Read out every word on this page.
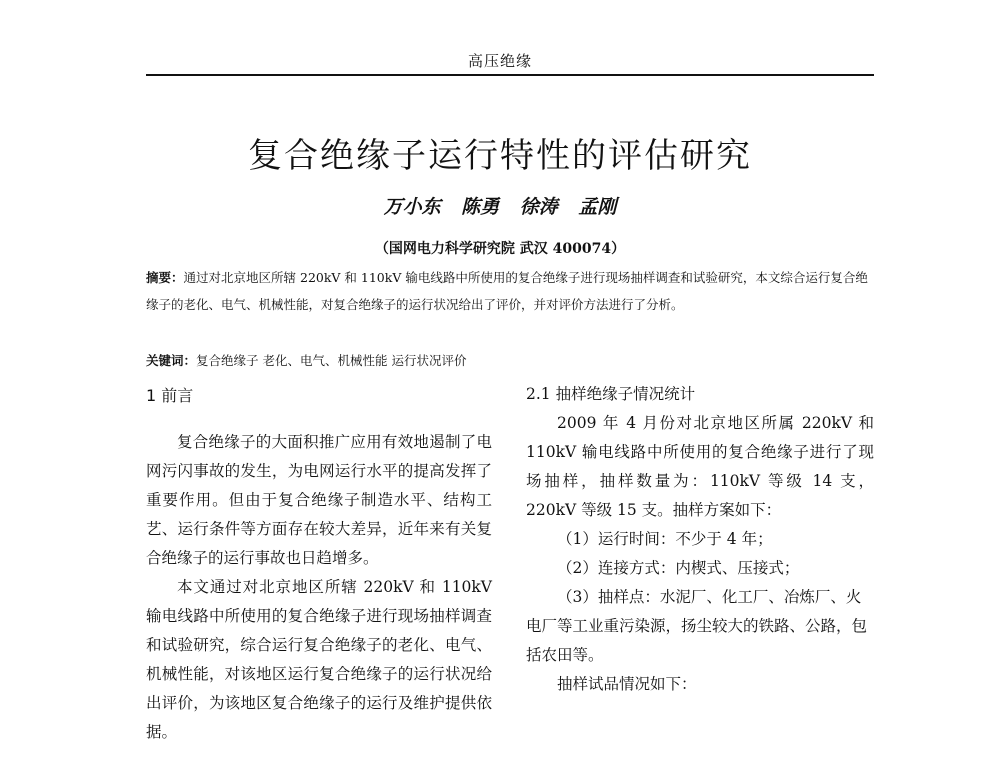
高压绝缘
复合绝缘子运行特性的评估研究
万小东 陈勇 徐涛 孟刚
（国网电力科学研究院 武汉 400074）
摘要：通过对北京地区所辖 220kV 和 110kV 输电线路中所使用的复合绝缘子进行现场抽样调查和试验研究，本文综合运行复合绝缘子的老化、电气、机械性能，对复合绝缘子的运行状况给出了评价，并对评价方法进行了分析。
关键词：复合绝缘子 老化、电气、机械性能 运行状况评价

1 前言

复合绝缘子的大面积推广应用有效地遏制了电网污闪事故的发生，为电网运行水平的提高发挥了重要作用。但由于复合绝缘子制造水平、结构工艺、运行条件等方面存在较大差异，近年来有关复合绝缘子的运行事故也日趋增多。

本文通过对北京地区所辖 220kV 和 110kV 输电线路中所使用的复合绝缘子进行现场抽样调查和试验研究，综合运行复合绝缘子的老化、电气、机械性能，对该地区运行复合绝缘子的运行状况给出评价，为该地区复合绝缘子的运行及维护提供依据。

2.1 抽样绝缘子情况统计

2009 年 4 月份对北京地区所属 220kV 和 110kV 输电线路中所使用的复合绝缘子进行了现场抽样，抽样数量为：110kV 等级 14 支，220kV 等级 15 支。抽样方案如下：

（1）运行时间：不少于 4 年；

（2）连接方式：内楔式、压接式；

（3）抽样点：水泥厂、化工厂、冶炼厂、火电厂等工业重污染源，扬尘较大的铁路、公路，包括农田等。

抽样试品情况如下：
